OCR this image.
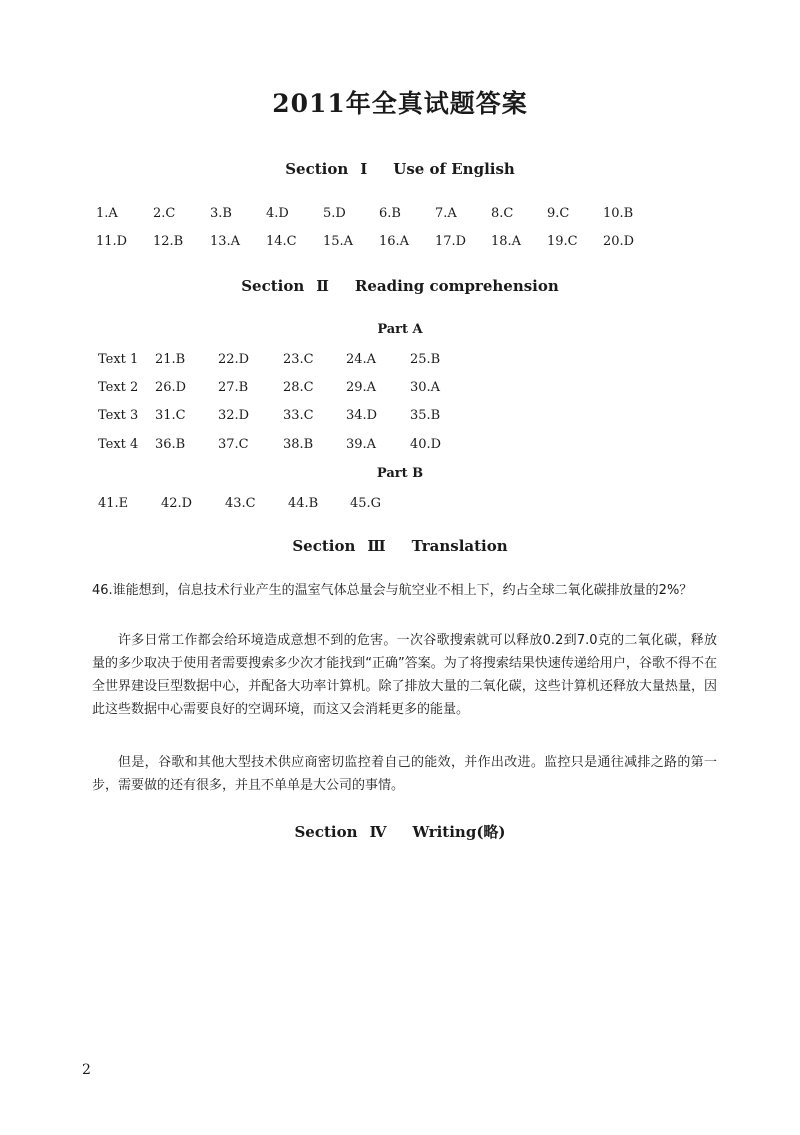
2011年全真试题答案
Section Ⅰ Use of English
1.A	2.C	3.B	4.D	5.D	6.B	7.A	8.C	9.C	10.B
11.D 12.B 13.A 14.C 15.A 16.A 17.D 18.A 19.C 20.D
Section Ⅱ Reading comprehension
Part A
Text 1 21.B	22.D	23.C 24.A	25.B
Text 2 26.D 27.B	28.C 29.A	30.A
Text 3 31.C 32.D	33.C 34.D	35.B
Text 4 36.B	37.C	38.B	39.A	40.D
Part B
41.E	42.D	43.C 44.B 45.G
Section Ⅲ Translation
46.谁能想到，信息技术行业产生的温室气体总量会与航空业不相上下，约占全球二氧化碳排放量的2%？
许多日常工作都会给环境造成意想不到的危害。一次谷歌搜索就可以释放0.2到7.0克的二氧化碳，释放量的多少取决于使用者需要搜索多少次才能找到“正确”答案。为了将搜索结果快速传递给用户，谷歌不得不在全世界建设巨型数据中心，并配备大功率计算机。除了排放大量的二氧化碳，这些计算机还释放大量热量，因此这些数据中心需要良好的空调环境，而这又会消耗更多的能量。
但是，谷歌和其他大型技术供应商密切监控着自己的能效，并作出改进。监控只是通往减排之路的第一步，需要做的还有很多，并且不单单是大公司的事情。
Section Ⅳ Writing(略)
2
